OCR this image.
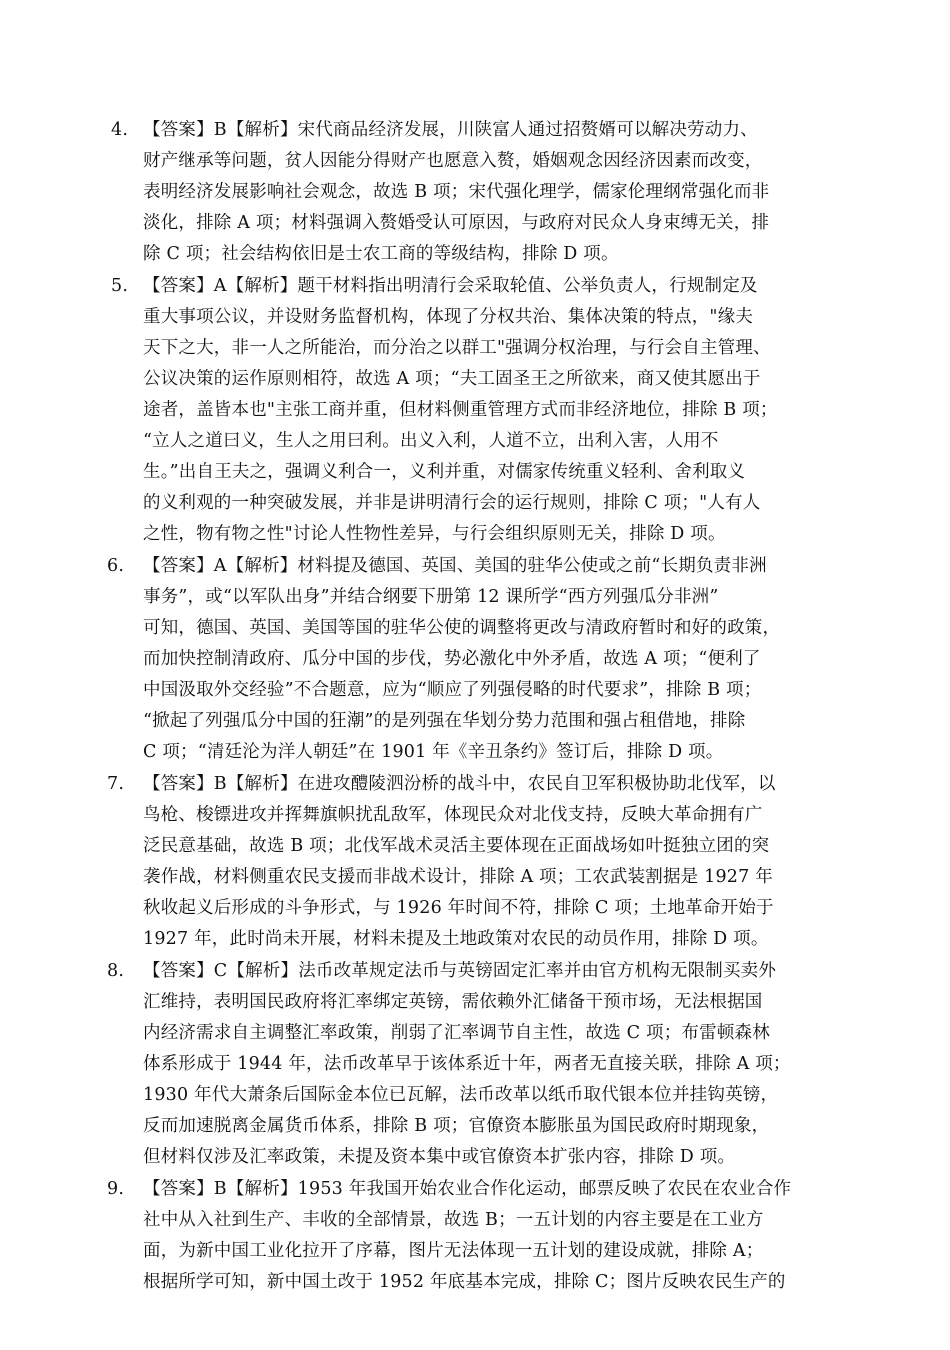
4. 【答案】B【解析】宋代商品经济发展，川陕富人通过招赘婿可以解决劳动力、
财产继承等问题，贫人因能分得财产也愿意入赘，婚姻观念因经济因素而改变，
表明经济发展影响社会观念，故选 B 项；宋代强化理学，儒家伦理纲常强化而非
淡化，排除 A 项；材料强调入赘婚受认可原因，与政府对民众人身束缚无关，排
除 C 项；社会结构依旧是士农工商的等级结构，排除 D 项。
5. 【答案】A【解析】题干材料指出明清行会采取轮值、公举负责人，行规制定及
重大事项公议，并设财务监督机构，体现了分权共治、集体决策的特点，"缘夫
天下之大，非一人之所能治，而分治之以群工"强调分权治理，与行会自主管理、
公议决策的运作原则相符，故选 A 项；“夫工固圣王之所欲来，商又使其愿出于
途者，盖皆本也"主张工商并重，但材料侧重管理方式而非经济地位，排除 B 项；
“立人之道曰义，生人之用曰利。出义入利，人道不立，出利入害，人用不
生。”出自王夫之，强调义利合一，义利并重，对儒家传统重义轻利、舍利取义
的义利观的一种突破发展，并非是讲明清行会的运行规则，排除 C 项；"人有人
之性，物有物之性"讨论人性物性差异，与行会组织原则无关，排除 D 项。
6. 【答案】A【解析】材料提及德国、英国、美国的驻华公使或之前“长期负责非洲
事务”，或“以军队出身”并结合纲要下册第 12 课所学“西方列强瓜分非洲”
可知，德国、英国、美国等国的驻华公使的调整将更改与清政府暂时和好的政策，
而加快控制清政府、瓜分中国的步伐，势必激化中外矛盾，故选 A 项；“便利了
中国汲取外交经验”不合题意，应为“顺应了列强侵略的时代要求”，排除 B 项；
“掀起了列强瓜分中国的狂潮”的是列强在华划分势力范围和强占租借地，排除
C 项；“清廷沦为洋人朝廷”在 1901 年《辛丑条约》签订后，排除 D 项。
7. 【答案】B【解析】在进攻醴陵泗汾桥的战斗中，农民自卫军积极协助北伐军，以
鸟枪、梭镖进攻并挥舞旗帜扰乱敌军，体现民众对北伐支持，反映大革命拥有广
泛民意基础，故选 B 项；北伐军战术灵活主要体现在正面战场如叶挺独立团的突
袭作战，材料侧重农民支援而非战术设计，排除 A 项；工农武装割据是 1927 年
秋收起义后形成的斗争形式，与 1926 年时间不符，排除 C 项；土地革命开始于
1927 年，此时尚未开展，材料未提及土地政策对农民的动员作用，排除 D 项。
8. 【答案】C【解析】法币改革规定法币与英镑固定汇率并由官方机构无限制买卖外
汇维持，表明国民政府将汇率绑定英镑，需依赖外汇储备干预市场，无法根据国
内经济需求自主调整汇率政策，削弱了汇率调节自主性，故选 C 项；布雷顿森林
体系形成于 1944 年，法币改革早于该体系近十年，两者无直接关联，排除 A 项；
1930 年代大萧条后国际金本位已瓦解，法币改革以纸币取代银本位并挂钩英镑，
反而加速脱离金属货币体系，排除 B 项；官僚资本膨胀虽为国民政府时期现象，
但材料仅涉及汇率政策，未提及资本集中或官僚资本扩张内容，排除 D 项。
9. 【答案】B【解析】1953 年我国开始农业合作化运动，邮票反映了农民在农业合作
社中从入社到生产、丰收的全部情景，故选 B；一五计划的内容主要是在工业方
面，为新中国工业化拉开了序幕，图片无法体现一五计划的建设成就，排除 A；
根据所学可知，新中国土改于 1952 年底基本完成，排除 C；图片反映农民生产的
